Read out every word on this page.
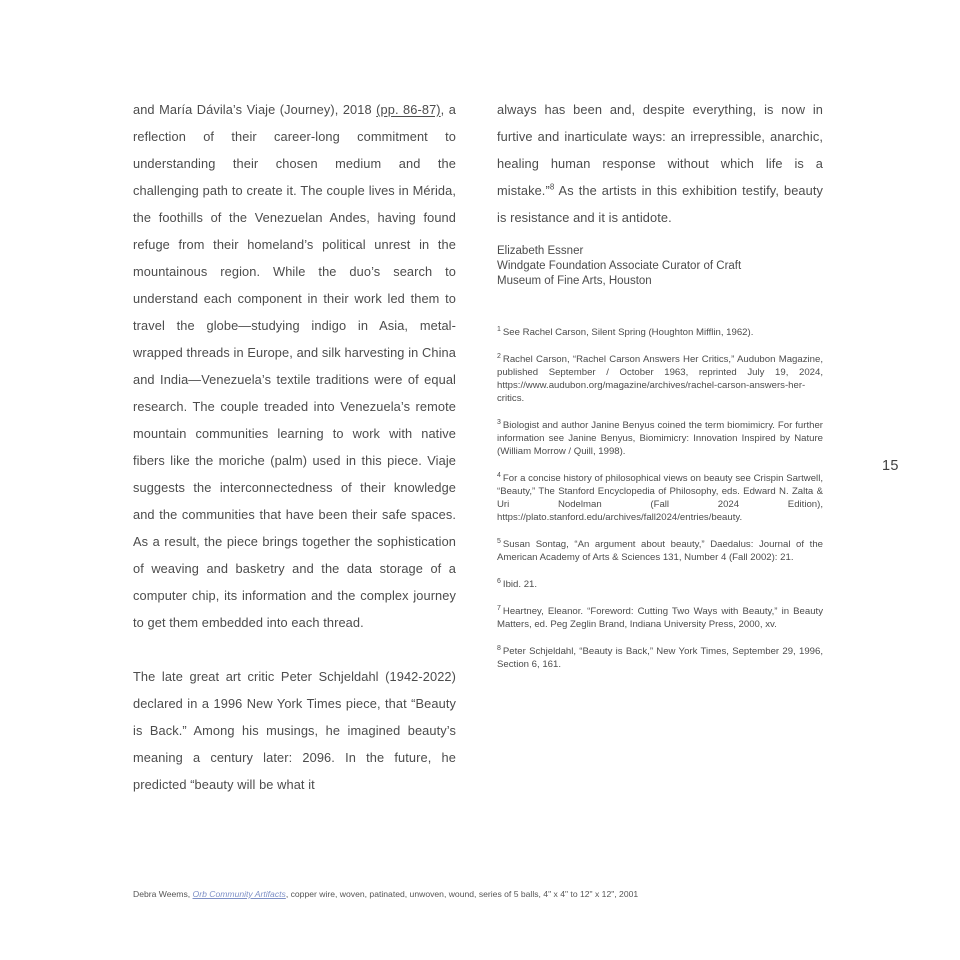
and María Dávila’s Viaje (Journey), 2018 (pp. 86-87), a reflection of their career-long commitment to understanding their chosen medium and the challenging path to create it. The couple lives in Mérida, the foothills of the Venezuelan Andes, having found refuge from their homeland’s political unrest in the mountainous region. While the duo’s search to understand each component in their work led them to travel the globe—studying indigo in Asia, metal-wrapped threads in Europe, and silk harvesting in China and India—Venezuela’s textile traditions were of equal research. The couple treaded into Venezuela’s remote mountain communities learning to work with native fibers like the moriche (palm) used in this piece. Viaje suggests the interconnectedness of their knowledge and the communities that have been their safe spaces. As a result, the piece brings together the sophistication of weaving and basketry and the data storage of a computer chip, its information and the complex journey to get them embedded into each thread.

The late great art critic Peter Schjeldahl (1942-2022) declared in a 1996 New York Times piece, that “Beauty is Back.” Among his musings, he imagined beauty’s meaning a century later: 2096. In the future, he predicted “beauty will be what it

always has been and, despite everything, is now in furtive and inarticulate ways: an irrepressible, anarchic, healing human response without which life is a mistake.”$^8$ As the artists in this exhibition testify, beauty is resistance and it is antidote.

Elizabeth Essner
Windgate Foundation Associate Curator of Craft
Museum of Fine Arts, Houston

$^1$ See Rachel Carson, Silent Spring (Houghton Mifflin, 1962).

$^2$ Rachel Carson, “Rachel Carson Answers Her Critics,” Audubon Magazine, published September / October 1963, reprinted July 19, 2024, https://www.audubon.org/magazine/archives/rachel-carson-answers-her-critics.

$^3$ Biologist and author Janine Benyus coined the term biomimicry. For further information see Janine Benyus, Biomimicry: Innovation Inspired by Nature (William Morrow / Quill, 1998).

$^4$ For a concise history of philosophical views on beauty see Crispin Sartwell, “Beauty,” The Stanford Encyclopedia of Philosophy, eds. Edward N. Zalta & Uri Nodelman (Fall 2024 Edition), https://plato.stanford.edu/archives/fall2024/entries/beauty.

$^5$ Susan Sontag, “An argument about beauty,” Daedalus: Journal of the American Academy of Arts & Sciences 131, Number 4 (Fall 2002): 21.

$^6$ Ibid. 21.

$^7$ Heartney, Eleanor. “Foreword: Cutting Two Ways with Beauty,” in Beauty Matters, ed. Peg Zeglin Brand, Indiana University Press, 2000, xv.

$^8$ Peter Schjeldahl, “Beauty is Back,” New York Times, September 29, 1996, Section 6, 161.

15
Debra Weems, Orb Community Artifacts, copper wire, woven, patinated, unwoven, wound, series of 5 balls, 4" x 4" to 12" x 12", 2001
